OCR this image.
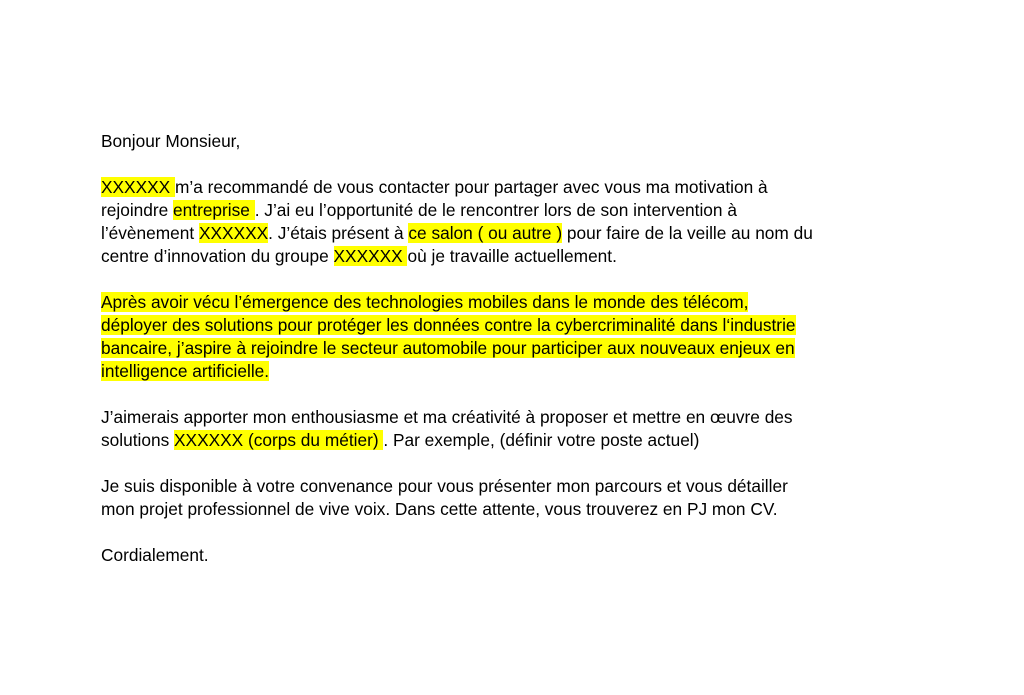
Bonjour Monsieur,

XXXXXX m’a recommandé de vous contacter pour partager avec vous ma motivation à
rejoindre entreprise . J’ai eu l’opportunité de le rencontrer lors de son intervention à
l’évènement XXXXXX. J’étais présent à ce salon ( ou autre ) pour faire de la veille au nom du
centre d’innovation du groupe XXXXXX où je travaille actuellement.

Après avoir vécu l’émergence des technologies mobiles dans le monde des télécom,
déployer des solutions pour protéger les données contre la cybercriminalité dans l‘industrie
bancaire, j’aspire à rejoindre le secteur automobile pour participer aux nouveaux enjeux en
intelligence artificielle.

J’aimerais apporter mon enthousiasme et ma créativité à proposer et mettre en œuvre des
solutions XXXXXX (corps du métier) . Par exemple, (définir votre poste actuel)

Je suis disponible à votre convenance pour vous présenter mon parcours et vous détailler
mon projet professionnel de vive voix. Dans cette attente, vous trouverez en PJ mon CV.

Cordialement.
